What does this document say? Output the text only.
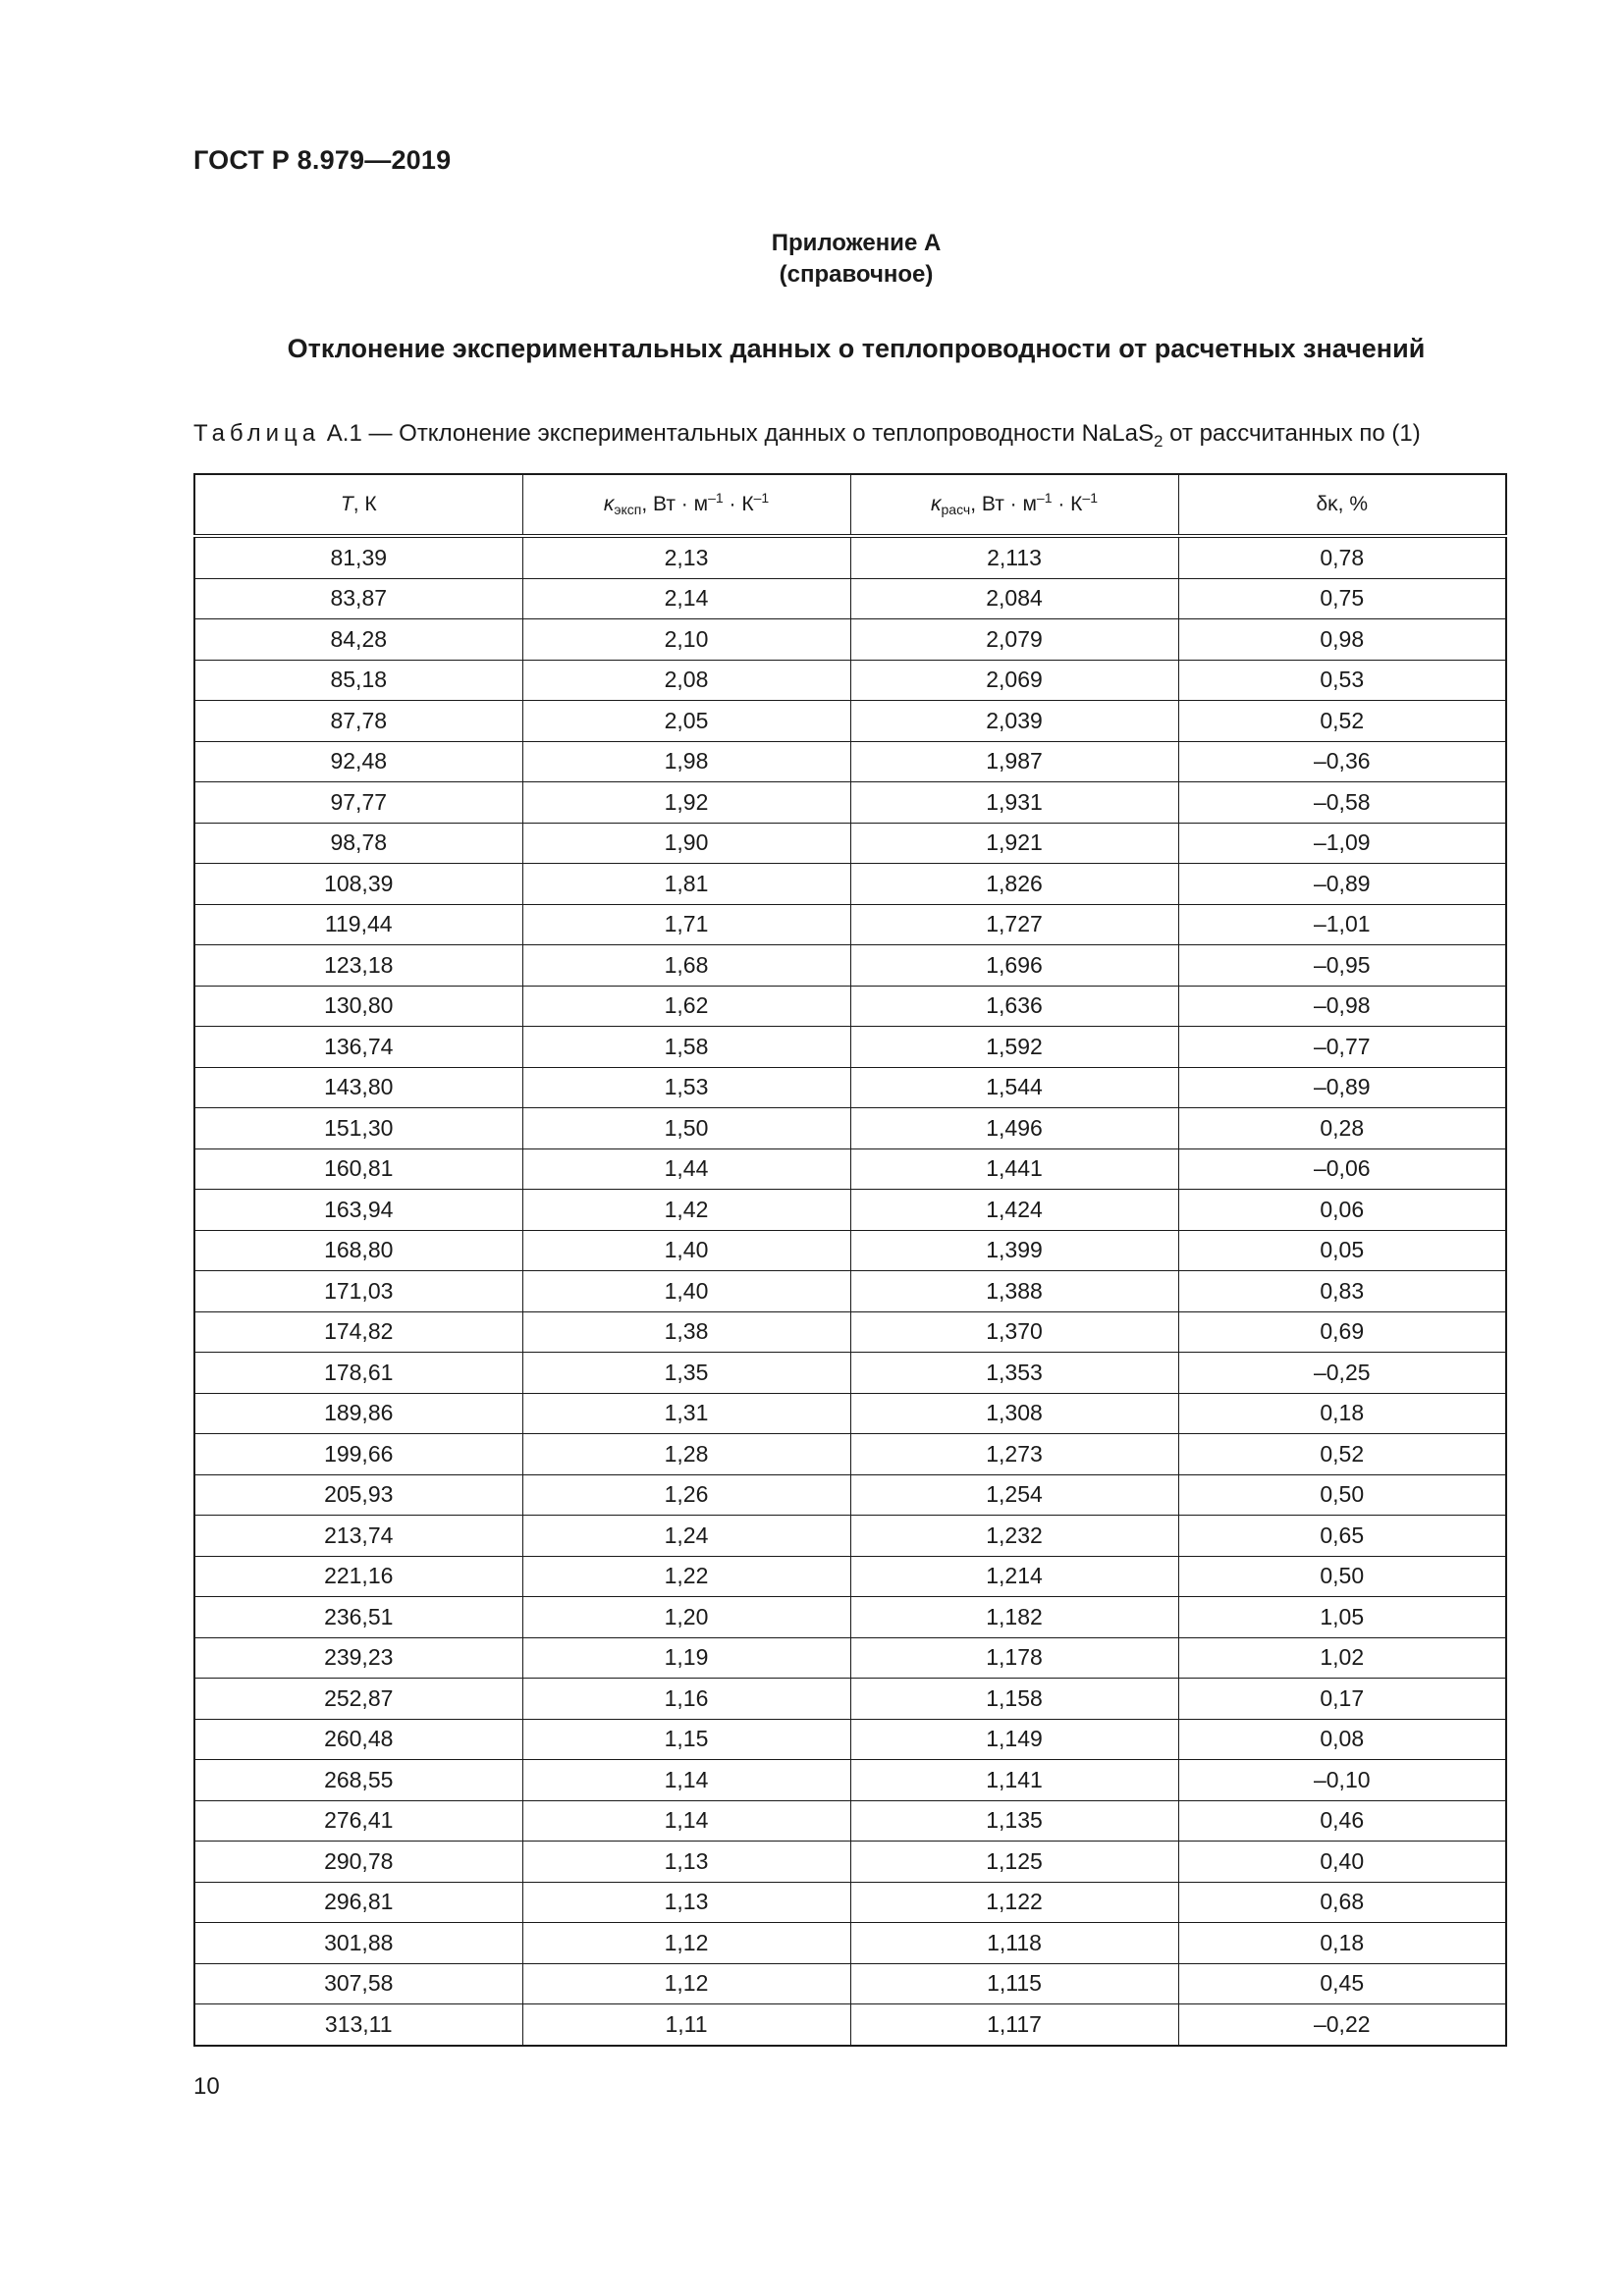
ГОСТ Р 8.979—2019
Приложение А
(справочное)
Отклонение экспериментальных данных о теплопроводности от расчетных значений
Таблица А.1 — Отклонение экспериментальных данных о теплопроводности NaLaS$_2$ от рассчитанных по (1)
T, К	$\kappa_{эксп}$, Вт · $м^{-1} \cdot К^{-1}$	$\kappa_{расч}$, Вт · $м^{-1} \cdot К^{-1}$	δκ, %
81,39	2,13	2,113	0,78
83,87	2,14	2,084	0,75
84,28	2,10	2,079	0,98
85,18	2,08	2,069	0,53
87,78	2,05	2,039	0,52
92,48	1,98	1,987	–0,36
97,77	1,92	1,931	–0,58
98,78	1,90	1,921	–1,09
108,39	1,81	1,826	–0,89
119,44	1,71	1,727	–1,01
123,18	1,68	1,696	–0,95
130,80	1,62	1,636	–0,98
136,74	1,58	1,592	–0,77
143,80	1,53	1,544	–0,89
151,30	1,50	1,496	0,28
160,81	1,44	1,441	–0,06
163,94	1,42	1,424	0,06
168,80	1,40	1,399	0,05
171,03	1,40	1,388	0,83
174,82	1,38	1,370	0,69
178,61	1,35	1,353	–0,25
189,86	1,31	1,308	0,18
199,66	1,28	1,273	0,52
205,93	1,26	1,254	0,50
213,74	1,24	1,232	0,65
221,16	1,22	1,214	0,50
236,51	1,20	1,182	1,05
239,23	1,19	1,178	1,02
252,87	1,16	1,158	0,17
260,48	1,15	1,149	0,08
268,55	1,14	1,141	–0,10
276,41	1,14	1,135	0,46
290,78	1,13	1,125	0,40
296,81	1,13	1,122	0,68
301,88	1,12	1,118	0,18
307,58	1,12	1,115	0,45
313,11	1,11	1,117	–0,22
10
